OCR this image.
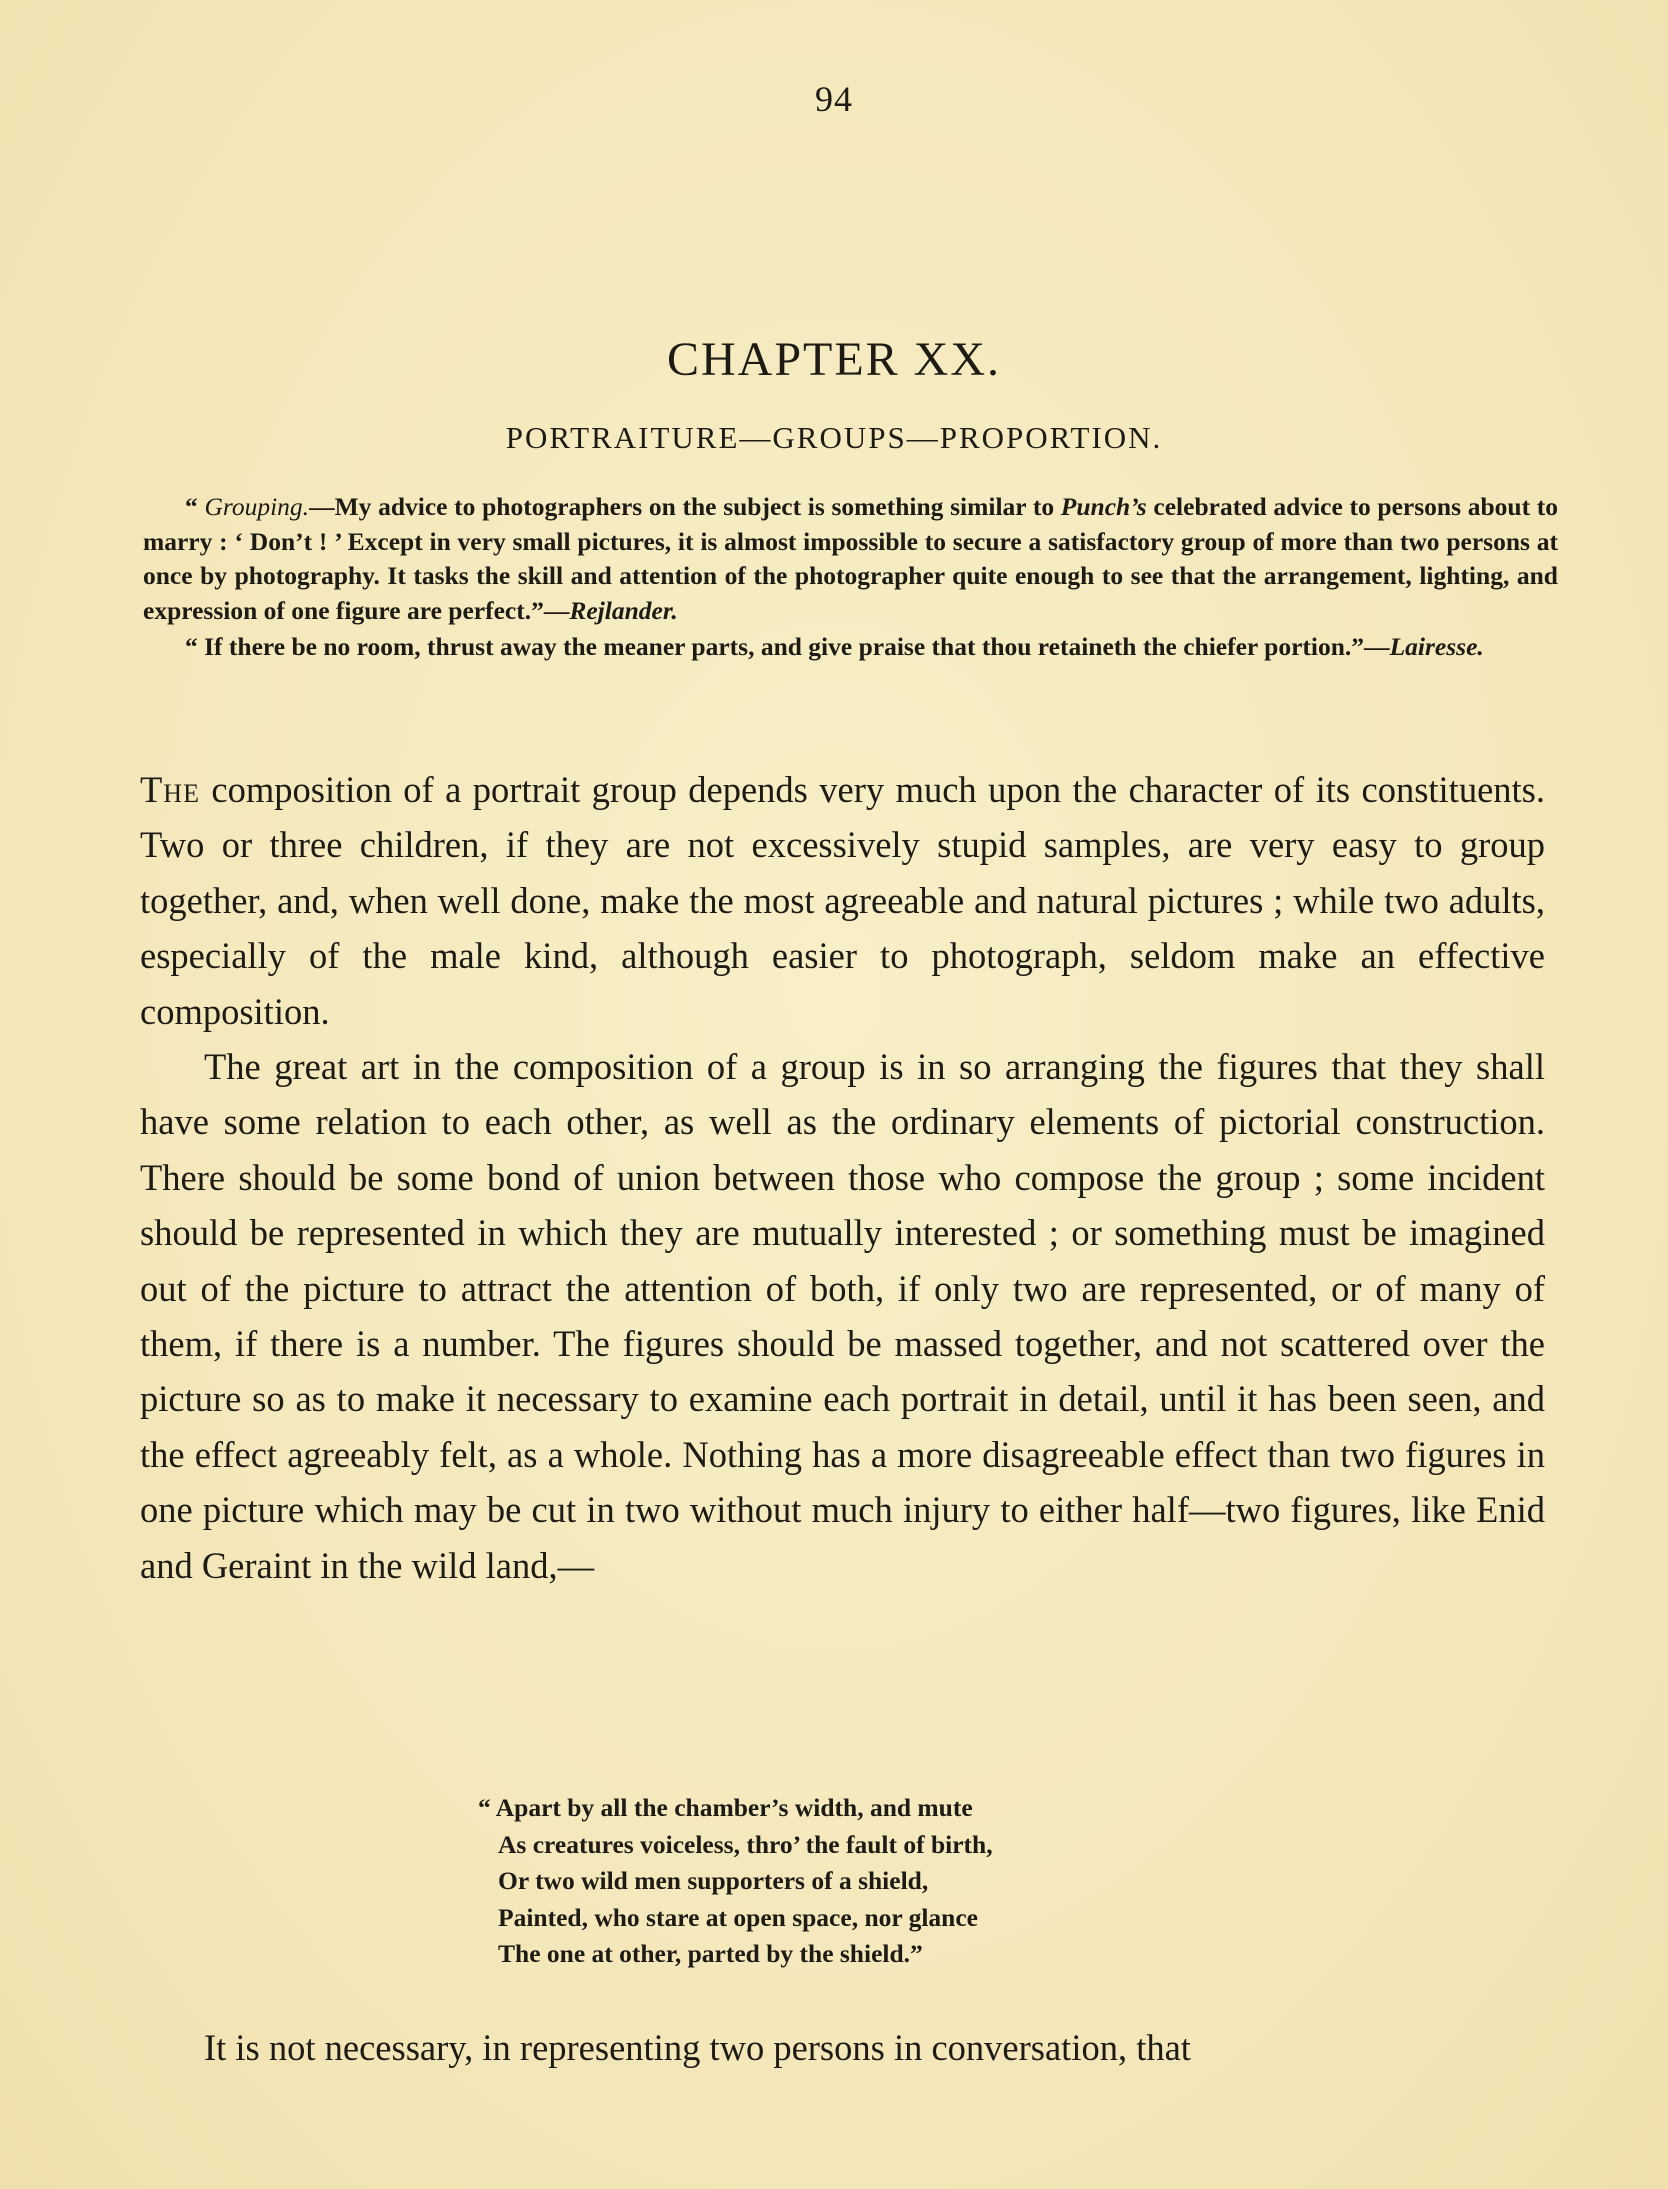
94
CHAPTER XX.
PORTRAITURE—GROUPS—PROPORTION.

“ Grouping.—My advice to photographers on the subject is something similar to Punch’s celebrated advice to persons about to marry : ‘ Don’t ! ’ Except in very small pictures, it is almost impossible to secure a satisfactory group of more than two persons at once by photography. It tasks the skill and attention of the photographer quite enough to see that the arrangement, lighting, and expression of one figure are perfect.”—Rejlander.

“ If there be no room, thrust away the meaner parts, and give praise that thou retaineth the chiefer portion.”—Lairesse.

The composition of a portrait group depends very much upon the character of its constituents. Two or three children, if they are not excessively stupid samples, are very easy to group together, and, when well done, make the most agreeable and natural pictures ; while two adults, especially of the male kind, although easier to photograph, seldom make an effective composition.

The great art in the composition of a group is in so arranging the figures that they shall have some relation to each other, as well as the ordinary elements of pictorial construction. There should be some bond of union between those who compose the group ; some incident should be represented in which they are mutually interested ; or something must be imagined out of the picture to attract the attention of both, if only two are represented, or of many of them, if there is a number. The figures should be massed together, and not scattered over the picture so as to make it necessary to examine each portrait in detail, until it has been seen, and the effect agreeably felt, as a whole. Nothing has a more disagreeable effect than two figures in one picture which may be cut in two without much injury to either half—two figures, like Enid and Geraint in the wild land,—

“ Apart by all the chamber’s width, and mute
As creatures voiceless, thro’ the fault of birth,
Or two wild men supporters of a shield,
Painted, who stare at open space, nor glance
The one at other, parted by the shield.”
It is not necessary, in representing two persons in conversation, that
